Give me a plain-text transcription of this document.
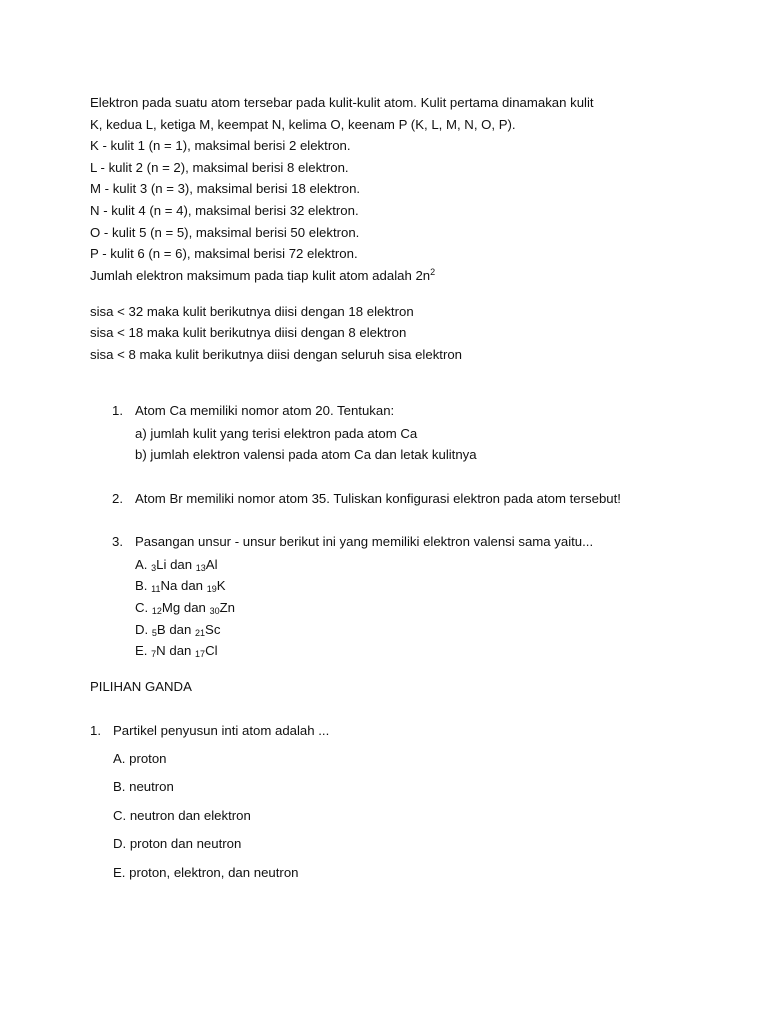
Elektron pada suatu atom tersebar pada kulit-kulit atom. Kulit pertama dinamakan kulit
K, kedua L, ketiga M, keempat N, kelima O, keenam P (K, L, M, N, O, P).
K - kulit 1 (n = 1), maksimal berisi 2 elektron.
L - kulit 2 (n = 2), maksimal berisi 8 elektron.
M - kulit 3 (n = 3), maksimal berisi 18 elektron.
N - kulit 4 (n = 4), maksimal berisi 32 elektron.
O - kulit 5 (n = 5), maksimal berisi 50 elektron.
P - kulit 6 (n = 6), maksimal berisi 72 elektron.
Jumlah elektron maksimum pada tiap kulit atom adalah $2n^2$
sisa < 32 maka kulit berikutnya diisi dengan 18 elektron
sisa < 18 maka kulit berikutnya diisi dengan 8 elektron
sisa < 8 maka kulit berikutnya diisi dengan seluruh sisa elektron
1. Atom Ca memiliki nomor atom 20. Tentukan:
a) jumlah kulit yang terisi elektron pada atom Ca
b) jumlah elektron valensi pada atom Ca dan letak kulitnya
2. Atom Br memiliki nomor atom 35. Tuliskan konfigurasi elektron pada atom tersebut!
3. Pasangan unsur - unsur berikut ini yang memiliki elektron valensi sama yaitu...
A. $_3$Li dan $_{13}$Al
B. $_{11}$Na dan $_{19}$K
C. $_{12}$Mg dan $_{30}$Zn
D. $_5$B dan $_{21}$Sc
E. $_7$N dan $_{17}$Cl
PILIHAN GANDA
1. Partikel penyusun inti atom adalah ...
A. proton
B. neutron
C. neutron dan elektron
D. proton dan neutron
E. proton, elektron, dan neutron
